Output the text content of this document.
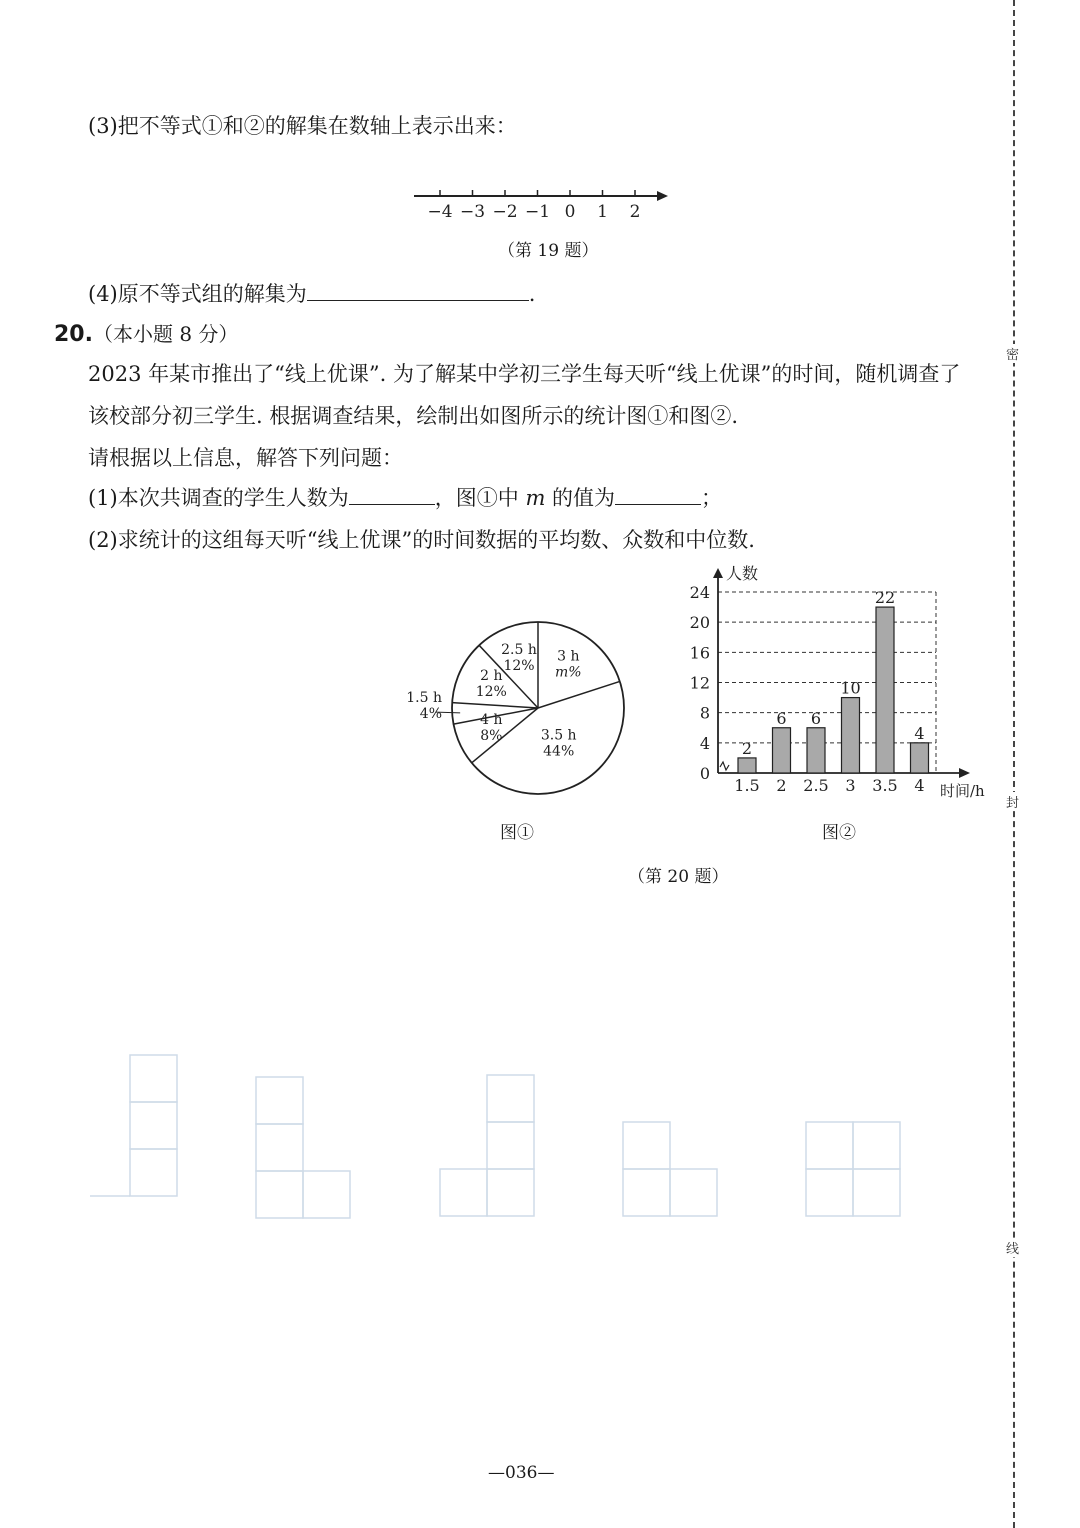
(3)把不等式①和②的解集在数轴上表示出来：
−4 −3 −2 −1 0 1 2
（第 19 题）
(4)原不等式组的解集为	.
20.（本小题 8 分）
2023 年某市推出了“线上优课”. 为了解某中学初三学生每天听“线上优课”的时间，随机调查了
该校部分初三学生. 根据调查结果，绘制出如图所示的统计图①和图②.
请根据以上信息，解答下列问题：
(1)本次共调查的学生人数为	，图①中 m 的值为	；
(2)求统计的这组每天听“线上优课”的时间数据的平均数、众数和中位数.
3 h
m%
3.5 h
44%
4 h
8%
1.5 h
4%
2 h
12%
2.5 h
12%
图①
0
4
8
12
16
20
24
人数
时间/h
2
1.5
6
2
6
2.5
10
3
22
3.5
4
4
图②
（第 20 题）
—036—
密
封
线
